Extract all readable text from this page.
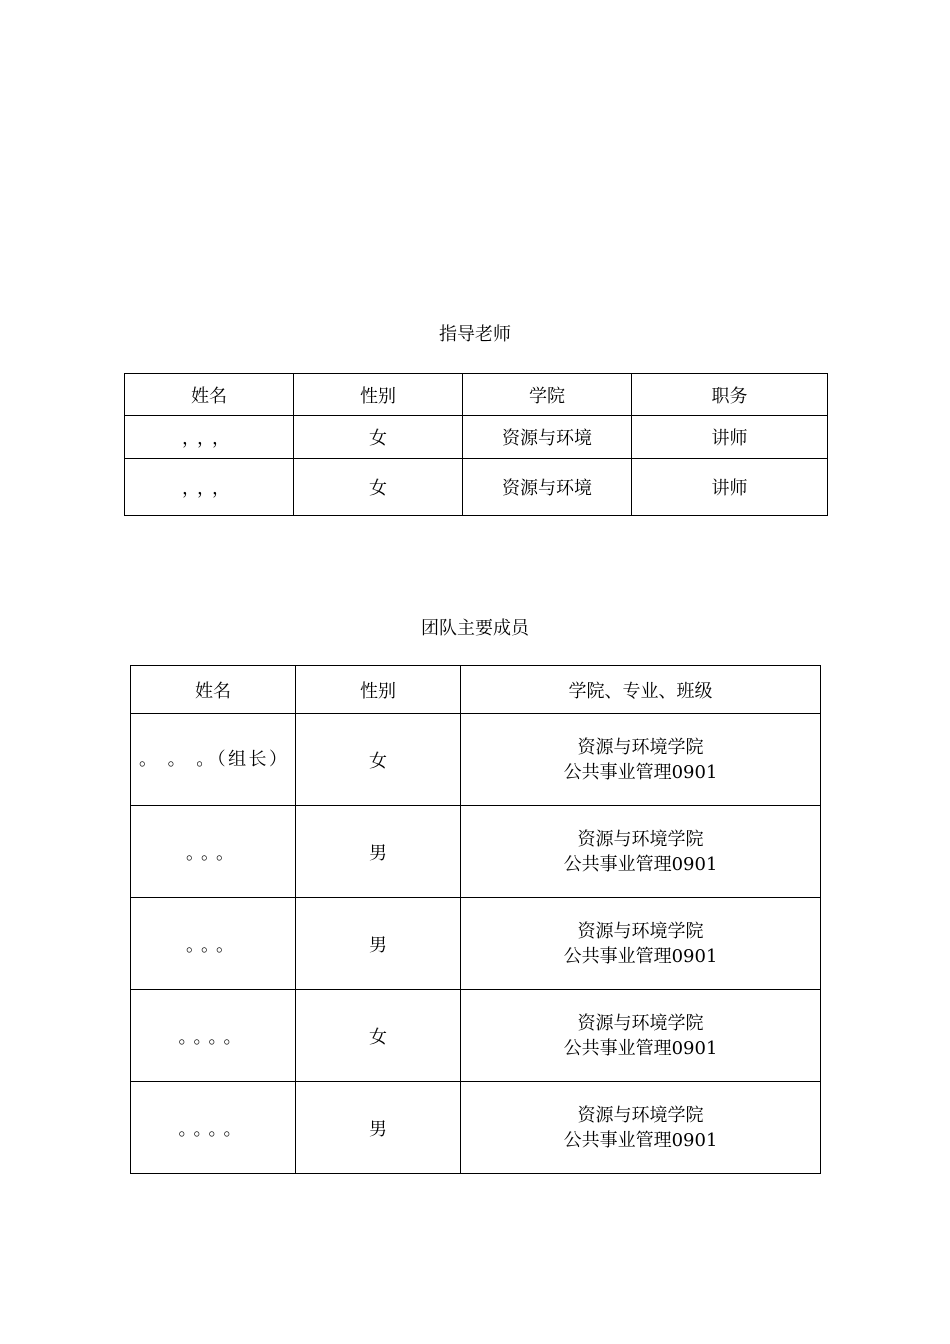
指导老师
姓名	性别	学院	职务
，，，	女	资源与环境	讲师
，，，	女	资源与环境	讲师
团队主要成员
姓名	性别	学院、专业、班级
。 。 。（组长）	女	资源与环境学院
公共事业管理0901

。。。	男	资源与环境学院
公共事业管理0901

。。。	男	资源与环境学院
公共事业管理0901

。。。。	女	资源与环境学院
公共事业管理0901

。。。。	男	资源与环境学院
公共事业管理0901
